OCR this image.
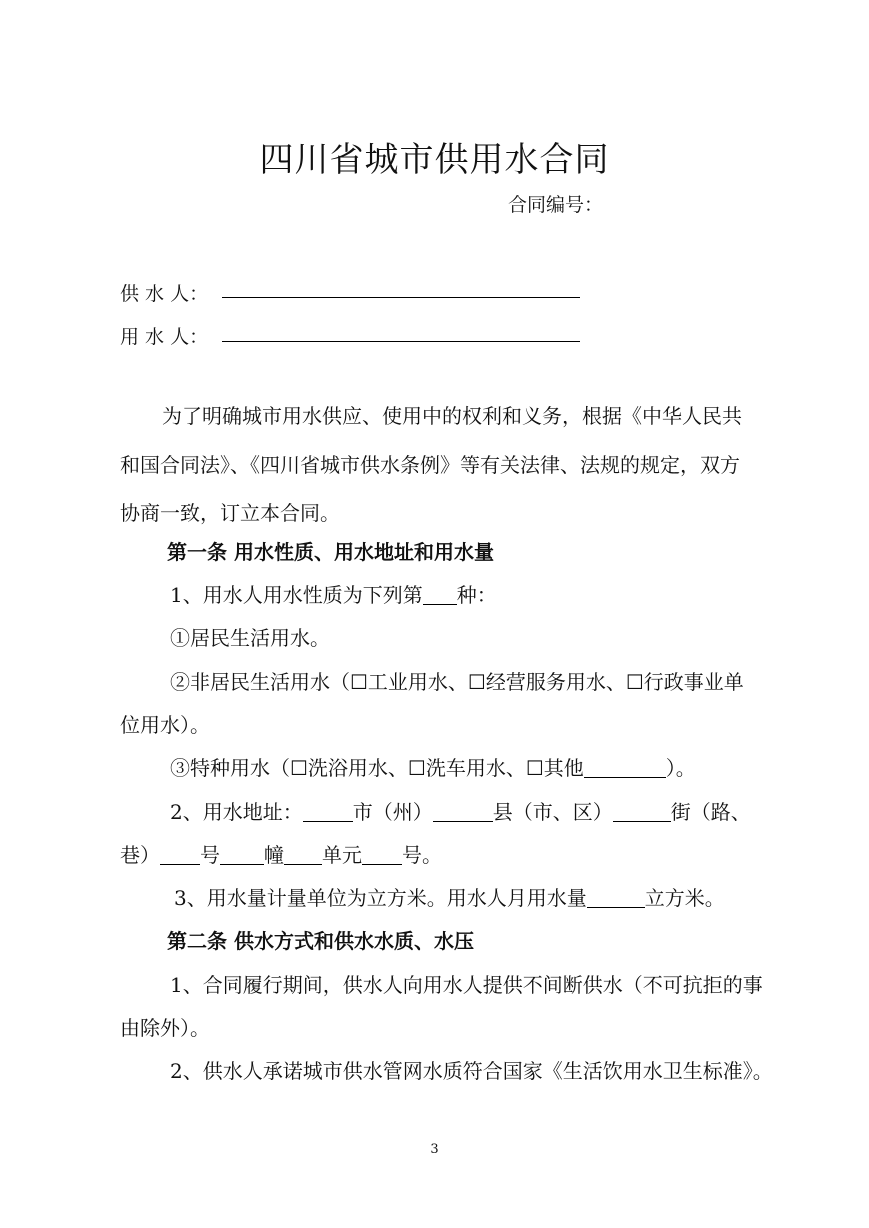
四川省城市供用水合同
合同编号：
供 水 人：
用 水 人：
为了明确城市用水供应、使用中的权利和义务，根据《中华人民共
和国合同法》、《四川省城市供水条例》等有关法律、法规的规定，双方
协商一致，订立本合同。
第一条 用水性质、用水地址和用水量
1、用水人用水性质为下列第 种：
①居民生活用水。
②非居民生活用水（☐工业用水、☐经营服务用水、☐行政事业单
位用水）。
③特种用水（☐洗浴用水、☐洗车用水、☐其他	）。
2、用水地址：	市（州）	县（市、区）	街（路、
巷） 号 幢 单元 号。
3、用水量计量单位为立方米。用水人月用水量	立方米。
第二条 供水方式和供水水质、水压
1、合同履行期间，供水人向用水人提供不间断供水（不可抗拒的事
由除外）。
2、供水人承诺城市供水管网水质符合国家《生活饮用水卫生标准》。
3
